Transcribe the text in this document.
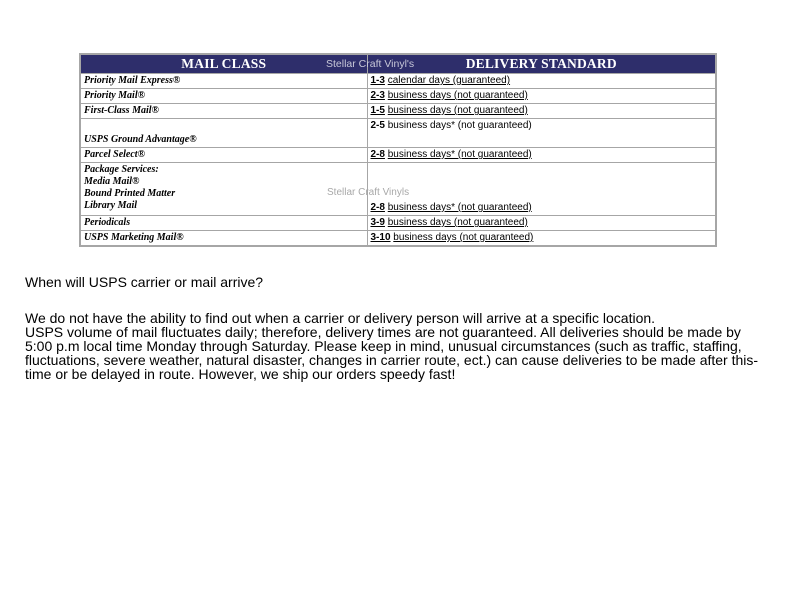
MAIL CLASS	DELIVERY STANDARD
Priority Mail Express®	1-3 calendar days (guaranteed)
Priority Mail®	2-3 business days (not guaranteed)
First-Class Mail®	1-5 business days (not guaranteed)
USPS Ground Advantage®	2-5 business days* (not guaranteed)
Parcel Select®	2-8 business days* (not guaranteed)

Package Services:
Media Mail®
Bound Printed Matter
Library Mail	2-8 business days* (not guaranteed)
Periodicals	3-9 business days (not guaranteed)
USPS Marketing Mail®	3-10 business days (not guaranteed)
Stellar Craft Vinyl's
Stellar Craft Vinyls

When will USPS carrier or mail arrive?

We do not have the ability to find out when a carrier or delivery person will arrive at a specific location.

USPS volume of mail fluctuates daily; therefore, delivery times are not guaranteed. All deliveries should be made by 5:00 p.m local time Monday through Saturday. Please keep in mind, unusual circumstances (such as traffic, staffing, fluctuations, severe weather, natural disaster, changes in carrier route, ect.) can cause deliveries to be made after this-time or be delayed in route. However, we ship our orders speedy fast!
